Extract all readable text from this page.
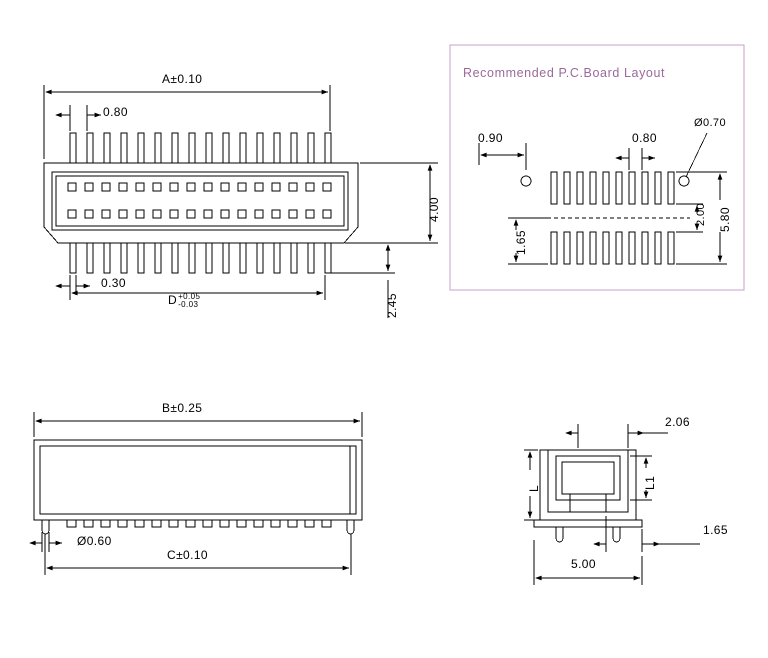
A±0.10
0.80
0.30
D +0.05
-0.03
4.00
2.45
B±0.25
Ø0.60
C±0.10
2.06
L	L1
1.65
5.00
Recommended P.C.Board Layout
0.90	0.80
Ø0.70
5.80
2.00
1.65
